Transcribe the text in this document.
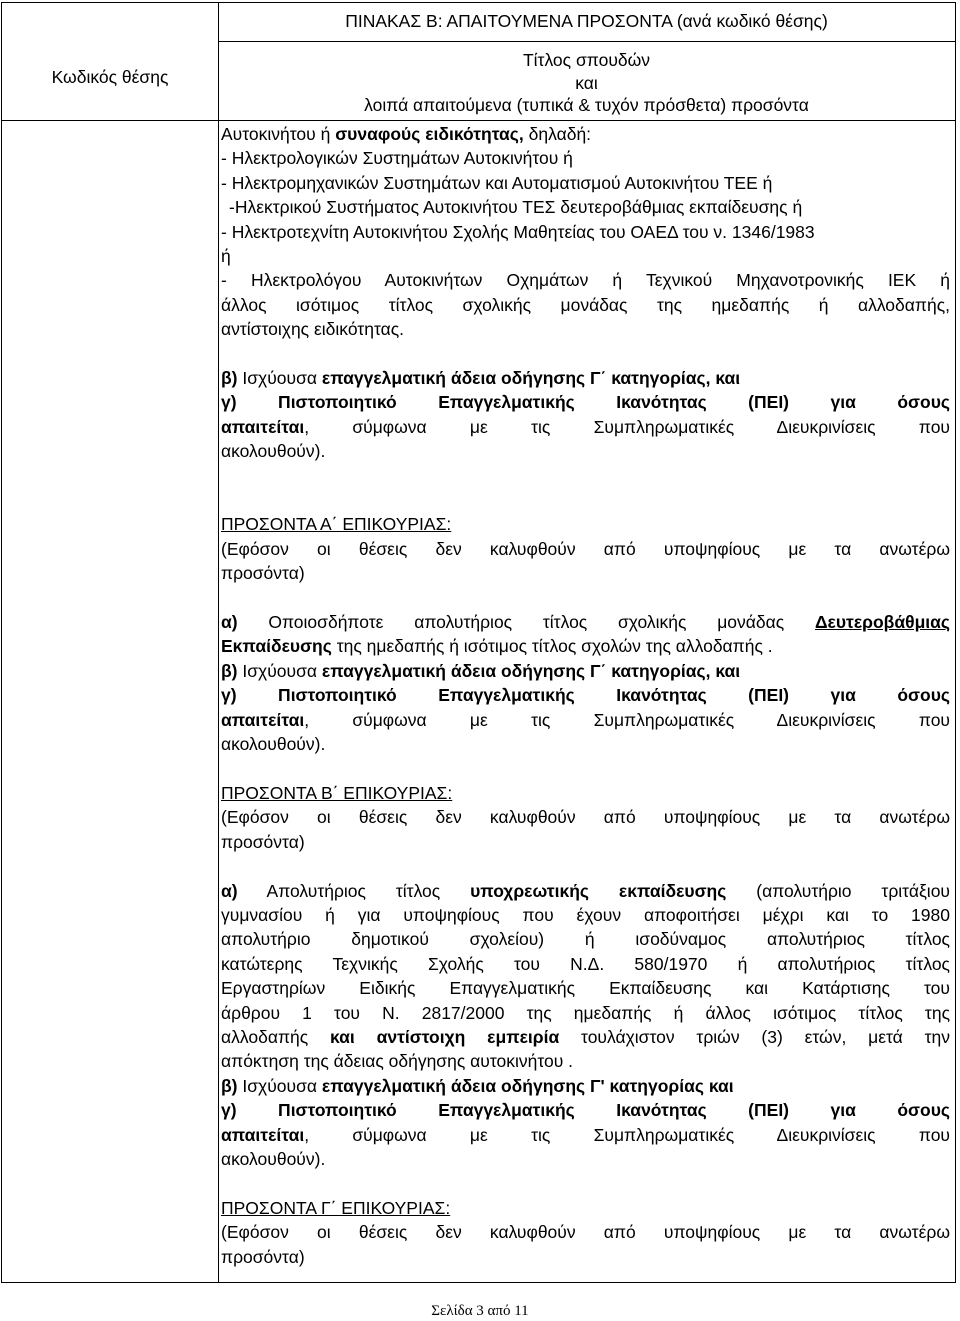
ΠΙΝΑΚΑΣ Β: ΑΠΑΙΤΟΥΜΕΝΑ ΠΡΟΣΟΝΤΑ (ανά κωδικό θέσης)
Κωδικός θέσης
Τίτλος σπουδών
και
λοιπά απαιτούμενα (τυπικά & τυχόν πρόσθετα) προσόντα

Αυτοκινήτου ή συναφούς ειδικότητας, δηλαδή:

- Ηλεκτρολογικών Συστημάτων Αυτοκινήτου ή

- Ηλεκτρομηχανικών Συστημάτων και Αυτοματισμού Αυτοκινήτου ΤΕΕ ή

-Ηλεκτρικού Συστήματος Αυτοκινήτου ΤΕΣ δευτεροβάθμιας εκπαίδευσης ή

- Ηλεκτροτεχνίτη Αυτοκινήτου Σχολής Μαθητείας του ΟΑΕΔ του ν. 1346/1983

ή

- Ηλεκτρολόγου Αυτοκινήτων Οχημάτων ή Τεχνικού Μηχανοτρονικής ΙΕΚ ή

άλλος ισότιμος τίτλος σχολικής μονάδας της ημεδαπής ή αλλοδαπής,

αντίστοιχης ειδικότητας.

β) Ισχύουσα επαγγελματική άδεια οδήγησης Γ΄ κατηγορίας, και

γ) Πιστοποιητικό Επαγγελματικής Ικανότητας (ΠΕΙ) για όσους

απαιτείται, σύμφωνα με τις Συμπληρωματικές Διευκρινίσεις που

ακολουθούν).

ΠΡΟΣΟΝΤΑ Α΄ ΕΠΙΚΟΥΡΙΑΣ:

(Εφόσον οι θέσεις δεν καλυφθούν από υποψηφίους με τα ανωτέρω

προσόντα)

α) Οποιοσδήποτε απολυτήριος τίτλος σχολικής μονάδας Δευτεροβάθμιας

Εκπαίδευσης της ημεδαπής ή ισότιμος τίτλος σχολών της αλλοδαπής .

β) Ισχύουσα επαγγελματική άδεια οδήγησης Γ΄ κατηγορίας, και

γ) Πιστοποιητικό Επαγγελματικής Ικανότητας (ΠΕΙ) για όσους

απαιτείται, σύμφωνα με τις Συμπληρωματικές Διευκρινίσεις που

ακολουθούν).

ΠΡΟΣΟΝΤΑ Β΄ ΕΠΙΚΟΥΡΙΑΣ:

(Εφόσον οι θέσεις δεν καλυφθούν από υποψηφίους με τα ανωτέρω

προσόντα)

α) Απολυτήριος τίτλος υποχρεωτικής εκπαίδευσης (απολυτήριο τριτάξιου

γυμνασίου ή για υποψηφίους που έχουν αποφοιτήσει μέχρι και το 1980

απολυτήριο δημοτικού σχολείου) ή ισοδύναμος απολυτήριος τίτλος

κατώτερης Τεχνικής Σχολής του Ν.Δ. 580/1970 ή απολυτήριος τίτλος

Εργαστηρίων Ειδικής Επαγγελματικής Εκπαίδευσης και Κατάρτισης του

άρθρου 1 του Ν. 2817/2000 της ημεδαπής ή άλλος ισότιμος τίτλος της

αλλοδαπής και αντίστοιχη εμπειρία τουλάχιστον τριών (3) ετών, μετά την

απόκτηση της άδειας οδήγησης αυτοκινήτου .

β) Ισχύουσα επαγγελματική άδεια οδήγησης Γ' κατηγορίας και

γ) Πιστοποιητικό Επαγγελματικής Ικανότητας (ΠΕΙ) για όσους

απαιτείται, σύμφωνα με τις Συμπληρωματικές Διευκρινίσεις που

ακολουθούν).

ΠΡΟΣΟΝΤΑ Γ΄ ΕΠΙΚΟΥΡΙΑΣ:

(Εφόσον οι θέσεις δεν καλυφθούν από υποψηφίους με τα ανωτέρω

προσόντα)

Σελίδα 3 από 11
